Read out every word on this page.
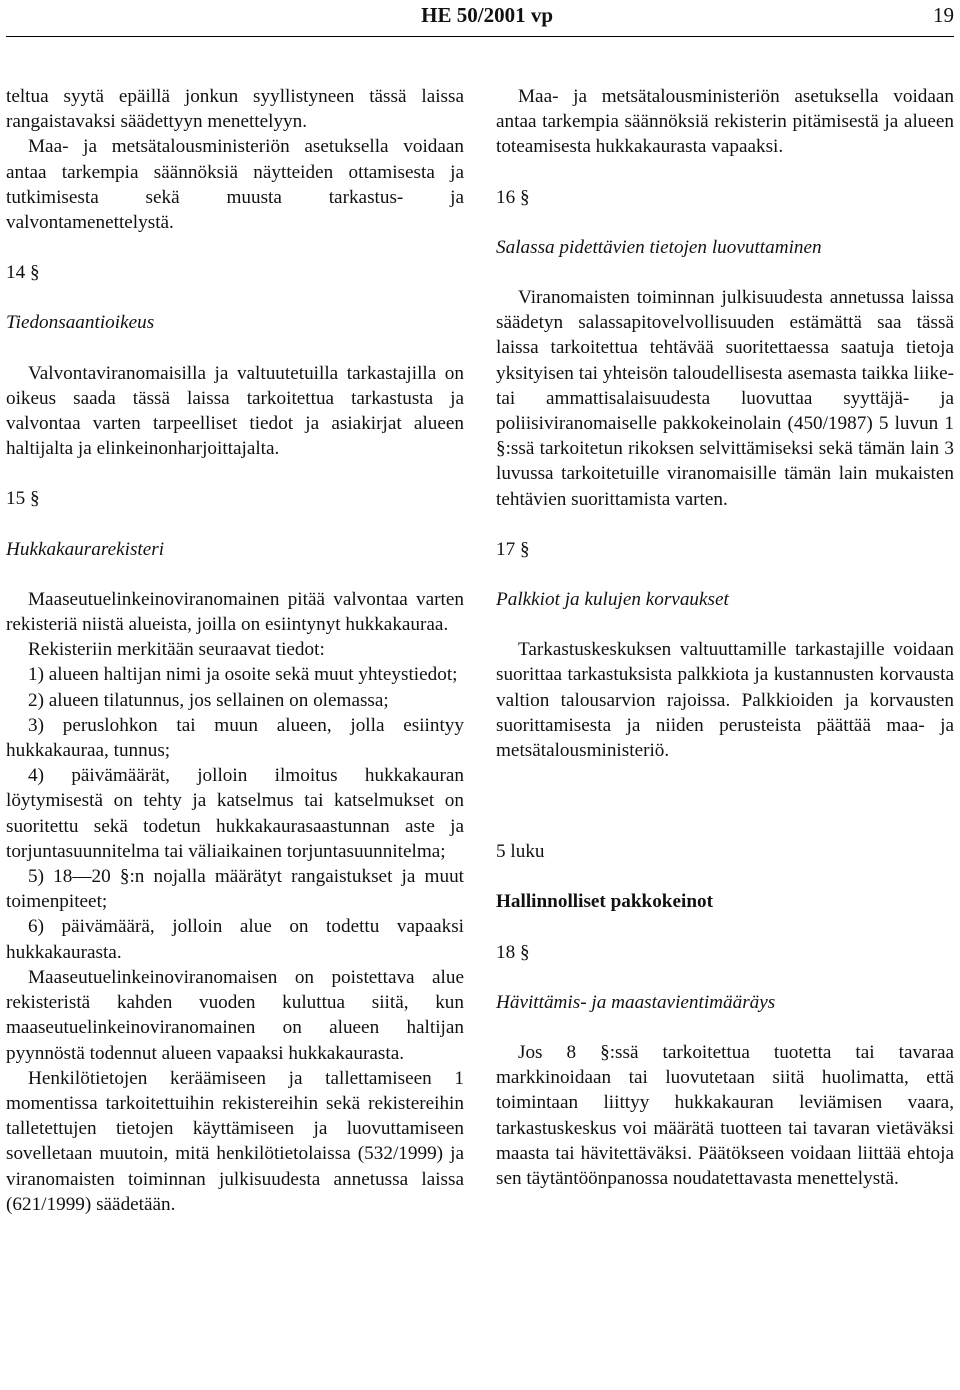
HE 50/2001 vp	19

teltua syytä epäillä jonkun syyllistyneen tässä laissa rangaistavaksi säädettyyn menettelyyn.

Maa- ja metsätalousministeriön asetuksella voidaan antaa tarkempia säännöksiä näytteiden ottamisesta ja tutkimisesta sekä muusta tarkastus- ja valvontamenettelystä.

14 §

Tiedonsaantioikeus

Valvontaviranomaisilla ja valtuutetuilla tarkastajilla on oikeus saada tässä laissa tarkoitettua tarkastusta ja valvontaa varten tarpeelliset tiedot ja asiakirjat alueen haltijalta ja elinkeinonharjoittajalta.

15 §

Hukkakaurarekisteri

Maaseutuelinkeinoviranomainen pitää valvontaa varten rekisteriä niistä alueista, joilla on esiintynyt hukkakauraa.

Rekisteriin merkitään seuraavat tiedot:

1) alueen haltijan nimi ja osoite sekä muut yhteystiedot;

2) alueen tilatunnus, jos sellainen on olemassa;

3) peruslohkon tai muun alueen, jolla esiintyy hukkakauraa, tunnus;

4) päivämäärät, jolloin ilmoitus hukkakauran löytymisestä on tehty ja katselmus tai katselmukset on suoritettu sekä todetun hukkakaurasaastunnan aste ja torjuntasuunnitelma tai väliaikainen torjuntasuunnitelma;

5) 18—20 §:n nojalla määrätyt rangaistukset ja muut toimenpiteet;

6) päivämäärä, jolloin alue on todettu vapaaksi hukkakaurasta.

Maaseutuelinkeinoviranomaisen on poistettava alue rekisteristä kahden vuoden kuluttua siitä, kun maaseutuelinkeinoviranomainen on alueen haltijan pyynnöstä todennut alueen vapaaksi hukkakaurasta.

Henkilötietojen keräämiseen ja tallettamiseen 1 momentissa tarkoitettuihin rekistereihin sekä rekistereihin talletettujen tietojen käyttämiseen ja luovuttamiseen sovelletaan muutoin, mitä henkilötietolaissa (532/1999) ja viranomaisten toiminnan julkisuudesta annetussa laissa (621/1999) säädetään.

Maa- ja metsätalousministeriön asetuksella voidaan antaa tarkempia säännöksiä rekisterin pitämisestä ja alueen toteamisesta hukkakaurasta vapaaksi.

16 §

Salassa pidettävien tietojen luovuttaminen

Viranomaisten toiminnan julkisuudesta annetussa laissa säädetyn salassapitovelvollisuuden estämättä saa tässä laissa tarkoitettua tehtävää suoritettaessa saatuja tietoja yksityisen tai yhteisön taloudellisesta asemasta taikka liike- tai ammattisalaisuudesta luovuttaa syyttäjä- ja poliisiviranomaiselle pakkokeinolain (450/1987) 5 luvun 1 §:ssä tarkoitetun rikoksen selvittämiseksi sekä tämän lain 3 luvussa tarkoitetuille viranomaisille tämän lain mukaisten tehtävien suorittamista varten.

17 §

Palkkiot ja kulujen korvaukset

Tarkastuskeskuksen valtuuttamille tarkastajille voidaan suorittaa tarkastuksista palkkiota ja kustannusten korvausta valtion talousarvion rajoissa. Palkkioiden ja korvausten suorittamisesta ja niiden perusteista päättää maa- ja metsätalousministeriö.

5 luku

Hallinnolliset pakkokeinot

18 §

Hävittämis- ja maastavientimääräys

Jos 8 §:ssä tarkoitettua tuotetta tai tavaraa markkinoidaan tai luovutetaan siitä huolimatta, että toimintaan liittyy hukkakauran leviämisen vaara, tarkastuskeskus voi määrätä tuotteen tai tavaran vietäväksi maasta tai hävitettäväksi. Päätökseen voidaan liittää ehtoja sen täytäntöönpanossa noudatettavasta menettelystä.
